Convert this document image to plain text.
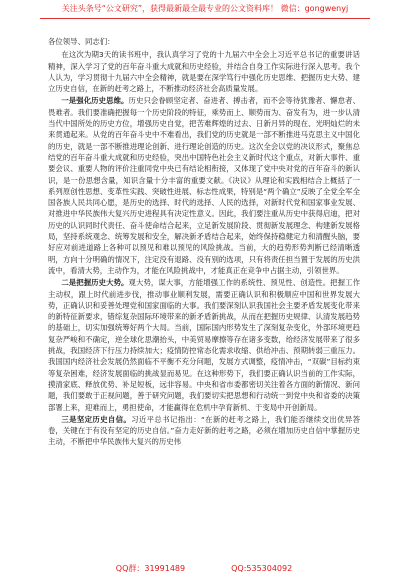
关注头条号“公文研究”，获得最新最全最专业的公文资料库！ 微信：gongwenyj
各位领导、同志们：

在这次为期3天的读书班中，我认真学习了党的十九届六中全会上习近平总书记的重要讲话精神，深入学习了党的百年奋斗重大成就和历史经验，并结合自身工作实际进行深入思考。我个人认为，学习贯彻十九届六中全会精神，就是要在深学笃行中强化历史思维、把握历史大势、建立历史自信，在新的赶考之路上，不断推动经济社会高质量发展。

一是强化历史思维。历史只会眷顾坚定者、奋进者、搏击者，而不会等待犹豫者、懈怠者、畏难者。我们要准确把握每一个历史阶段的特征，乘势而上、顺势而为、奋发有为，进一步认清当代中国所处的历史方位，增强历史自觉，把苦难辉煌的过去、日新月异的现在、光明灿烂的未来贯通起来。从党的百年奋斗史中不难看出，我们党的历史就是一部不断推进马克思主义中国化的历史，就是一部不断推进理论创新、进行理论创造的历史。这次全会以党的决议形式，聚焦总结党的百年奋斗重大成就和历史经验，突出中国特色社会主义新时代这个重点，对新大事件、重要会议、重要人物的评价注重同党中央已有结论相衔接，又体现了党中央对党的百年奋斗的新认识，是一份思想含量，知识含量十分丰富的重要文献。《决议》从理论和实践相结合上概括了一系列原创性思想、变革性实践、突破性进展、标志性成果，特别是“两个确立”反映了全党全军全国各族人民共同心愿，是历史的选择、时代的选择、人民的选择，对新时代党和国家事业发展、对推进中华民族伟大复兴历史进程具有决定性意义。因此，我们要注重从历史中获得启迪，把对历史的认识同时代责任、奋斗使命结合起来，立足新发展阶段、贯彻新发展理念、构建新发展格局，坚持系统观念、统筹发展和安全，解决新矛盾结合起来，始终保持稳健定力和清醒头脑，要好应对前进道路上各种可以预见和难以预见的风险挑战。当前，大的趋势形势判断已经清晰透明，方向十分明确的情况下，注定没有退路、没有别的选项，只有将责任担当置于发展的历史洪流中，看清大势，主动作为，才能在风险挑战中，才能真正在竞争中占据主动，引领世界。

二是把握历史大势。观大势，谋大事，方能增强工作的系统性、预见性、创造性。把握工作主动权，跟上时代前进步伐，推动事业顺利发展，需要正确认识和积极顺应中国和世界发展大势，正确认识和妥善处理党和国家面临的大事。我们要深刻认识我国社会主要矛盾发展变化带来的新特征新要求，错综复杂国际环境带来的新矛盾新挑战，从而在把握历史规律、认清发展趋势的基础上，切实加强统筹好两个大局。当前，国际国内形势发生了深刻复杂变化，外部环境更趋复杂严峻和不确定，逆全球化思潮抬头，中美贸易摩擦等存在诸多变数，给经济发展带来了很多挑战，我国经济下行压力持续加大；疫情防控常态化需求收缩、供给冲击、预期转弱三重压力。我国国内经济社会发展仍然面临不平衡不充分问题，发展方式调整，疫情冲击，“双碳”目标约束等复杂困难，经济发展面临的挑战显而易见。在这种形势下，我们要正确认识当前的工作实际，摸清家底、释放优势、补足短板，远非容易。中央和省市委都密切关注着各方面的新情况、新问题，我们要敢于正视问题，善于研究问题，我们要切实把思想和行动统一到党中央和省委的决策部署上来，迎难而上，勇担使命，才能赢得在危机中孕育新机、于变局中开创新局。

三是坚定历史自信。习近平总书记指出：“在新的赶考之路上，我们能否继续交出优异答卷，关键在于有没有坚定的历史自信。”奋力走好新的赶考之路，必须在增加历史自信中掌握历史主动，不断把中华民族伟大复兴的历史伟

QQ群：31991489	QQ:535304092
